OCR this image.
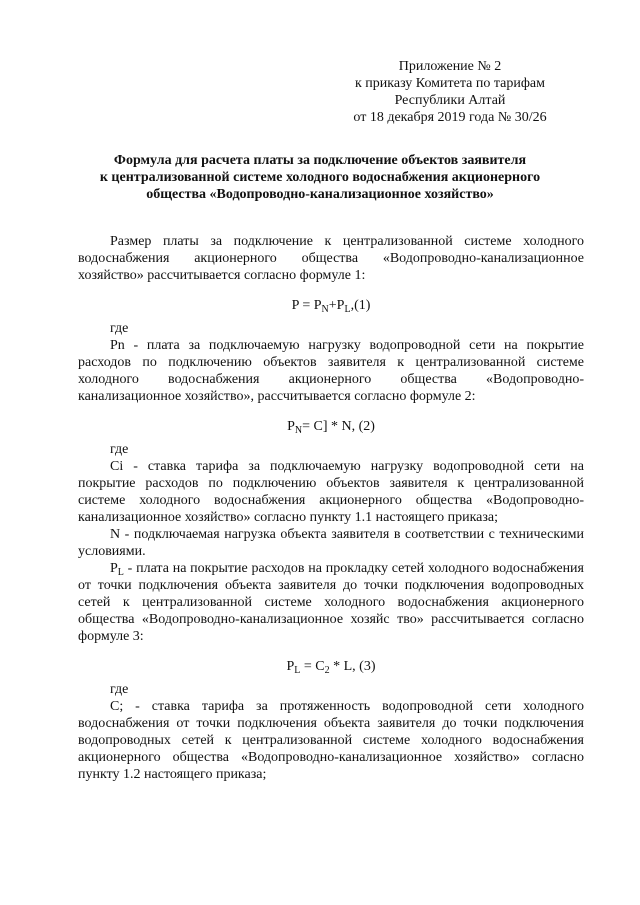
Приложение № 2
к приказу Комитета по тарифам
Республики Алтай
от 18 декабря 2019 года № 30/26
Формула для расчета платы за подключение объектов заявителя
к централизованной системе холодного водоснабжения акционерного
общества «Водопроводно-канализационное хозяйство»

Размер платы за подключение к централизованной системе холодного водоснабжения акционерного общества «Водопроводно-канализационное хозяйство» рассчитывается согласно формуле 1:

$P = P_N+P_L,(1)$

где

Pn - плата за подключаемую нагрузку водопроводной сети на покрытие расходов по подключению объектов заявителя к централизованной системе холодного водоснабжения акционерного общества «Водопроводно-канализационное хозяйство», рассчитывается согласно формуле 2:

$P_N= C] * N$, (2)

где

Ci - ставка тарифа за подключаемую нагрузку водопроводной сети на покрытие расходов по подключению объектов заявителя к централизованной системе холодного водоснабжения акционерного общества «Водопроводно-канализационное хозяйство» согласно пункту 1.1 настоящего приказа;

N - подключаемая нагрузка объекта заявителя в соответствии с техническими условиями.

$P_L$ - плата на покрытие расходов на прокладку сетей холодного водоснабжения от точки подключения объекта заявителя до точки подключения водопроводных сетей к централизованной системе холодного водоснабжения акционерного общества «Водопроводно-канализационное хозяйс тво» рассчитывается согласно формуле 3:

$P_L = C_2 * L$, (3)

где

C; - ставка тарифа за протяженность водопроводной сети холодного водоснабжения от точки подключения объекта заявителя до точки подключения водопроводных сетей к централизованной системе холодного водоснабжения акционерного общества «Водопроводно-канализационное хозяйство» согласно пункту 1.2 настоящего приказа;
